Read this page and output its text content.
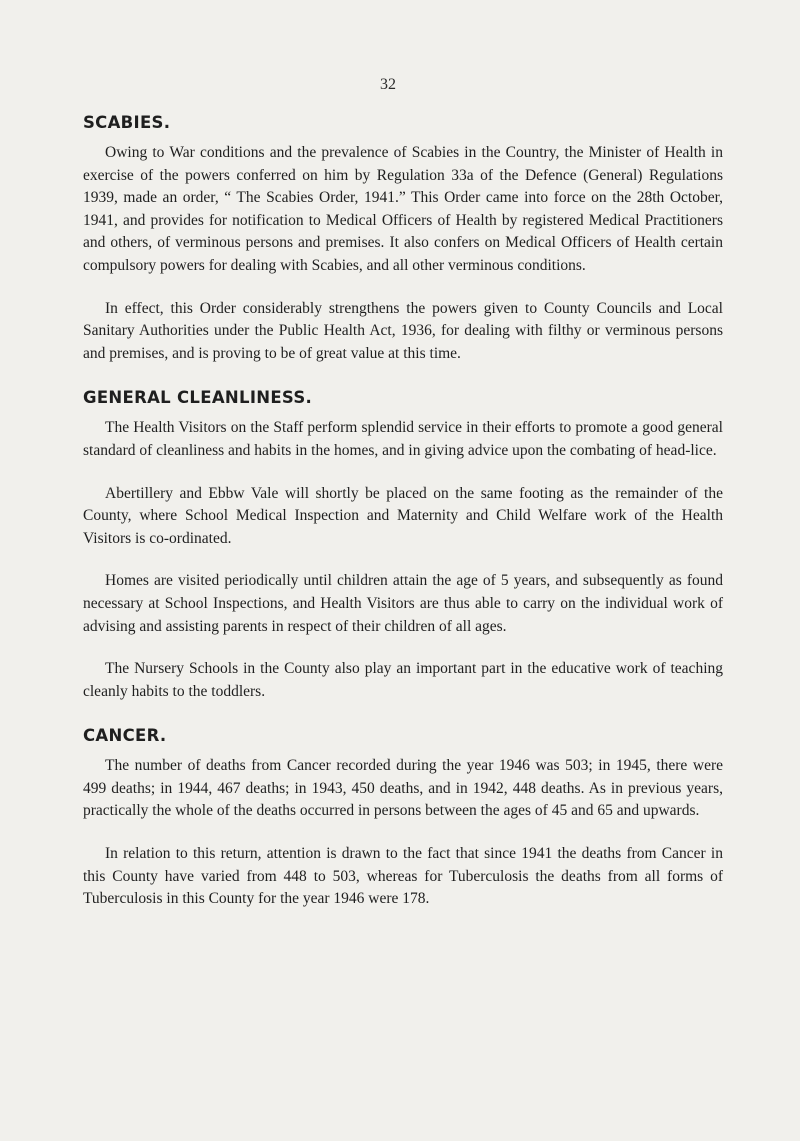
32
SCABIES.

Owing to War conditions and the prevalence of Scabies in the Country, the Minister of Health in exercise of the powers conferred on him by Regulation 33a of the Defence (General) Regulations 1939, made an order, “ The Scabies Order, 1941.” This Order came into force on the 28th October, 1941, and provides for notification to Medical Officers of Health by registered Medical Practitioners and others, of verminous persons and premises. It also confers on Medical Officers of Health certain compulsory powers for dealing with Scabies, and all other verminous conditions.

In effect, this Order considerably strengthens the powers given to County Councils and Local Sanitary Authorities under the Public Health Act, 1936, for dealing with filthy or verminous persons and premises, and is proving to be of great value at this time.

GENERAL CLEANLINESS.

The Health Visitors on the Staff perform splendid service in their efforts to promote a good general standard of cleanliness and habits in the homes, and in giving advice upon the combating of head-lice.

Abertillery and Ebbw Vale will shortly be placed on the same footing as the remainder of the County, where School Medical Inspection and Maternity and Child Welfare work of the Health Visitors is co-ordinated.

Homes are visited periodically until children attain the age of 5 years, and subsequently as found necessary at School Inspections, and Health Visitors are thus able to carry on the individual work of advising and assisting parents in respect of their children of all ages.

The Nursery Schools in the County also play an important part in the educative work of teaching cleanly habits to the toddlers.

CANCER.

The number of deaths from Cancer recorded during the year 1946 was 503; in 1945, there were 499 deaths; in 1944, 467 deaths; in 1943, 450 deaths, and in 1942, 448 deaths. As in previous years, practically the whole of the deaths occurred in persons between the ages of 45 and 65 and upwards.

In relation to this return, attention is drawn to the fact that since 1941 the deaths from Cancer in this County have varied from 448 to 503, whereas for Tuberculosis the deaths from all forms of Tuberculosis in this County for the year 1946 were 178.
